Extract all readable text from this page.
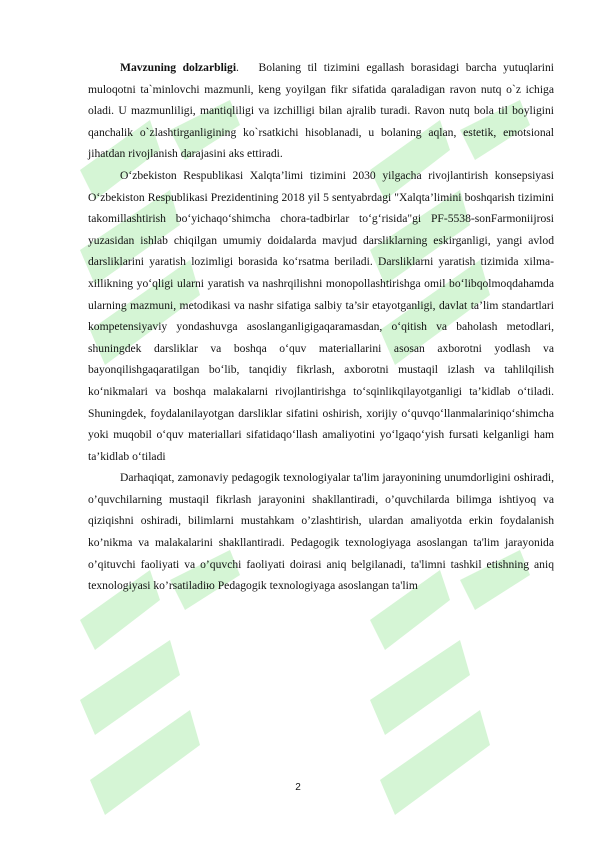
Mavzuning dolzarbligi. Bolaning til tizimini egallash borasidagi barcha yutuqlarini muloqotni ta`minlovchi mazmunli, keng yoyilgan fikr sifatida qaraladigan ravon nutq o`z ichiga oladi. U mazmunliligi, mantiqliligi va izchilligi bilan ajralib turadi. Ravon nutq bola til boyligini qanchalik o`zlashtirganligining ko`rsatkichi hisoblanadi, u bolaning aqlan, estetik, emotsional jihatdan rivojlanish darajasini aks ettiradi.

O‘zbekiston Respublikasi Xalqta’limi tizimini 2030 yilgacha rivojlantirish konsepsiyasi O‘zbekiston Respublikasi Prezidentining 2018 yil 5 sentyabrdagi "Xalqta’limini boshqarish tizimini takomillashtirish bo‘yichaqo‘shimcha chora-tadbirlar to‘g‘risida"gi PF-5538-sonFarmoniijrosi yuzasidan ishlab chiqilgan umumiy doidalarda mavjud darsliklarning eskirganligi, yangi avlod darsliklarini yaratish lozimligi borasida ko‘rsatma beriladi. Darsliklarni yaratish tizimida xilma-xillikning yo‘qligi ularni yaratish va nashrqilishni monopollashtirishga omil bo‘libqolmoqdahamda ularning mazmuni, metodikasi va nashr sifatiga salbiy ta’sir etayotganligi, davlat ta’lim standartlari kompetensiyaviy yondashuvga asoslanganligigaqaramasdan, o‘qitish va baholash metodlari, shuningdek darsliklar va boshqa o‘quv materiallarini asosan axborotni yodlash va bayonqilishgaqaratilgan bo‘lib, tanqidiy fikrlash, axborotni mustaqil izlash va tahlilqilish ko‘nikmalari va boshqa malakalarni rivojlantirishga to‘sqinlikqilayotganligi ta’kidlab o‘tiladi. Shuningdek, foydalanilayotgan darsliklar sifatini oshirish, xorijiy o‘quvqo‘llanmalariniqo‘shimcha yoki muqobil o‘quv materiallari sifatidaqo‘llash amaliyotini yo‘lgaqo‘yish fursati kelganligi ham ta’kidlab o‘tiladi

Darhaqiqat, zamonaviy pedagogik texnologiyalar ta'lim jarayonining unumdorligini oshiradi, o’quvchilarning mustaqil fikrlash jarayonini shakllantiradi, o’quvchilarda bilimga ishtiyoq va qiziqishni oshiradi, bilimlarni mustahkam o’zlashtirish, ulardan amaliyotda erkin foydalanish ko’nikma va malakalarini shakllantiradi. Pedagogik texnologiyaga asoslangan ta'lim jarayonida o’qituvchi faoliyati va o’quvchi faoliyati doirasi aniq belgilanadi, ta'limni tashkil etishning aniq texnologiyasi ko’rsatiladiю Pedagogik texnologiyaga asoslangan ta'lim

2
